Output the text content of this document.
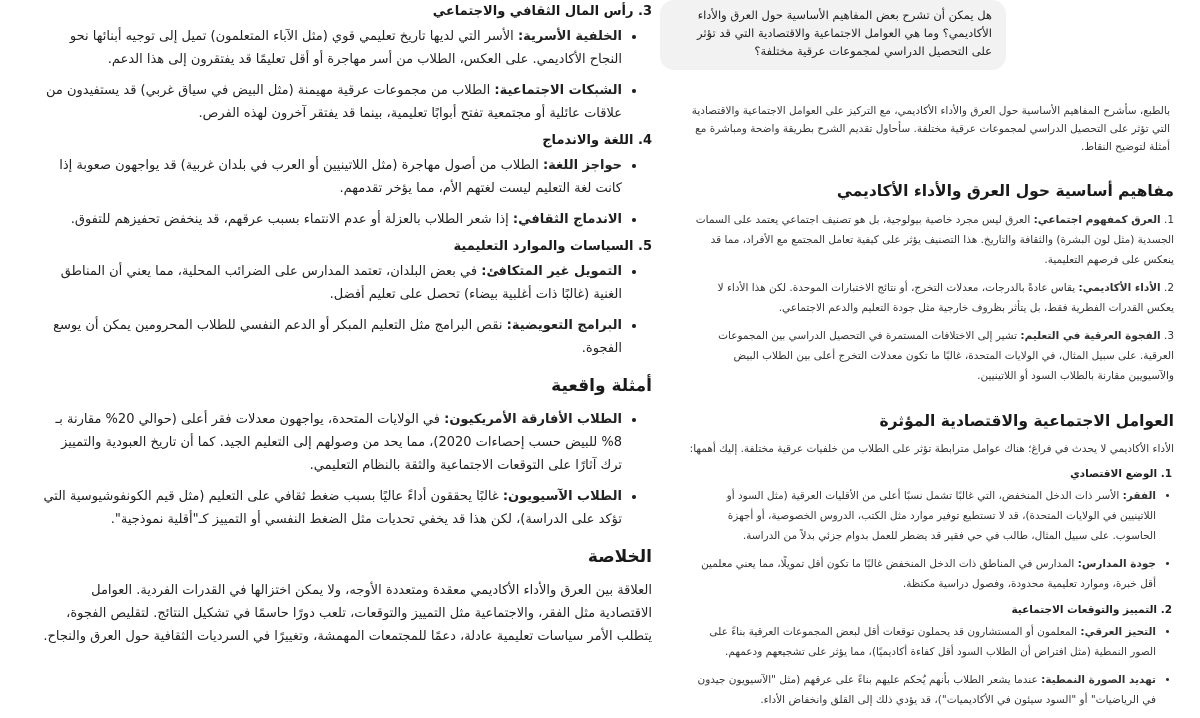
هل يمكن أن تشرح بعض المفاهيم الأساسية حول العرق والأداء الأكاديمي؟ وما هي العوامل الاجتماعية والاقتصادية التي قد تؤثر على التحصيل الدراسي لمجموعات عرقية مختلفة؟
بالطبع، سأشرح المفاهيم الأساسية حول العرق والأداء الأكاديمي، مع التركيز على العوامل الاجتماعية والاقتصادية التي تؤثر على التحصيل الدراسي لمجموعات عرقية مختلفة. سأحاول تقديم الشرح بطريقة واضحة ومباشرة مع أمثلة لتوضيح النقاط.
مفاهيم أساسية حول العرق والأداء الأكاديمي
1. العرق كمفهوم اجتماعي: العرق ليس مجرد خاصية بيولوجية، بل هو تصنيف اجتماعي يعتمد على السمات الجسدية (مثل لون البشرة) والثقافة والتاريخ. هذا التصنيف يؤثر على كيفية تعامل المجتمع مع الأفراد، مما قد ينعكس على فرصهم التعليمية.
2. الأداء الأكاديمي: يقاس عادةً بالدرجات، معدلات التخرج، أو نتائج الاختبارات الموحدة. لكن هذا الأداء لا يعكس القدرات الفطرية فقط، بل يتأثر بظروف خارجية مثل جودة التعليم والدعم الاجتماعي.
3. الفجوة العرقية في التعليم: تشير إلى الاختلافات المستمرة في التحصيل الدراسي بين المجموعات العرقية. على سبيل المثال، في الولايات المتحدة، غالبًا ما تكون معدلات التخرج أعلى بين الطلاب البيض والآسيويين مقارنة بالطلاب السود أو اللاتينيين.
العوامل الاجتماعية والاقتصادية المؤثرة
الأداء الأكاديمي لا يحدث في فراغ؛ هناك عوامل مترابطة تؤثر على الطلاب من خلفيات عرقية مختلفة. إليك أهمها:
1. الوضع الاقتصادي
• الفقر: الأسر ذات الدخل المنخفض، التي غالبًا تشمل نسبًا أعلى من الأقليات العرقية (مثل السود أو اللاتينيين في الولايات المتحدة)، قد لا تستطيع توفير موارد مثل الكتب، الدروس الخصوصية، أو أجهزة الحاسوب. على سبيل المثال، طالب في حي فقير قد يضطر للعمل بدوام جزئي بدلاً من الدراسة.
• جودة المدارس: المدارس في المناطق ذات الدخل المنخفض غالبًا ما تكون أقل تمويلًا، مما يعني معلمين أقل خبرة، وموارد تعليمية محدودة، وفصول دراسية مكتظة.
2. التمييز والتوقعات الاجتماعية
• التحيز العرقي: المعلمون أو المستشارون قد يحملون توقعات أقل لبعض المجموعات العرقية بناءً على الصور النمطية (مثل افتراض أن الطلاب السود أقل كفاءة أكاديميًا)، مما يؤثر على تشجيعهم ودعمهم.
• تهديد الصورة النمطية: عندما يشعر الطلاب بأنهم يُحكم عليهم بناءً على عرقهم (مثل "الآسيويون جيدون في الرياضيات" أو "السود سيئون في الأكاديميات")، قد يؤدي ذلك إلى القلق وانخفاض الأداء.
3. رأس المال الثقافي والاجتماعي
• الخلفية الأسرية: الأسر التي لديها تاريخ تعليمي قوي (مثل الآباء المتعلمون) تميل إلى توجيه أبنائها نحو النجاح الأكاديمي. على العكس، الطلاب من أسر مهاجرة أو أقل تعليمًا قد يفتقرون إلى هذا الدعم.
• الشبكات الاجتماعية: الطلاب من مجموعات عرقية مهيمنة (مثل البيض في سياق غربي) قد يستفيدون من علاقات عائلية أو مجتمعية تفتح أبوابًا تعليمية، بينما قد يفتقر آخرون لهذه الفرص.
4. اللغة والاندماج
• حواجز اللغة: الطلاب من أصول مهاجرة (مثل اللاتينيين أو العرب في بلدان غربية) قد يواجهون صعوبة إذا كانت لغة التعليم ليست لغتهم الأم، مما يؤخر تقدمهم.
• الاندماج الثقافي: إذا شعر الطلاب بالعزلة أو عدم الانتماء بسبب عرقهم، قد ينخفض تحفيزهم للتفوق.
5. السياسات والموارد التعليمية
• التمويل غير المتكافئ: في بعض البلدان، تعتمد المدارس على الضرائب المحلية، مما يعني أن المناطق الغنية (غالبًا ذات أغلبية بيضاء) تحصل على تعليم أفضل.
• البرامج التعويضية: نقص البرامج مثل التعليم المبكر أو الدعم النفسي للطلاب المحرومين يمكن أن يوسع الفجوة.
أمثلة واقعية
• الطلاب الأفارقة الأمريكيون: في الولايات المتحدة، يواجهون معدلات فقر أعلى (حوالي 20% مقارنة بـ 8% للبيض حسب إحصاءات 2020)، مما يحد من وصولهم إلى التعليم الجيد. كما أن تاريخ العبودية والتمييز ترك آثارًا على التوقعات الاجتماعية والثقة بالنظام التعليمي.
• الطلاب الآسيويون: غالبًا يحققون أداءً عاليًا بسبب ضغط ثقافي على التعليم (مثل قيم الكونفوشيوسية التي تؤكد على الدراسة)، لكن هذا قد يخفي تحديات مثل الضغط النفسي أو التمييز كـ"أقلية نموذجية".
الخلاصة

العلاقة بين العرق والأداء الأكاديمي معقدة ومتعددة الأوجه، ولا يمكن اختزالها في القدرات الفردية. العوامل الاقتصادية مثل الفقر، والاجتماعية مثل التمييز والتوقعات، تلعب دورًا حاسمًا في تشكيل النتائج. لتقليص الفجوة، يتطلب الأمر سياسات تعليمية عادلة، دعمًا للمجتمعات المهمشة، وتغييرًا في السرديات الثقافية حول العرق والنجاح.
